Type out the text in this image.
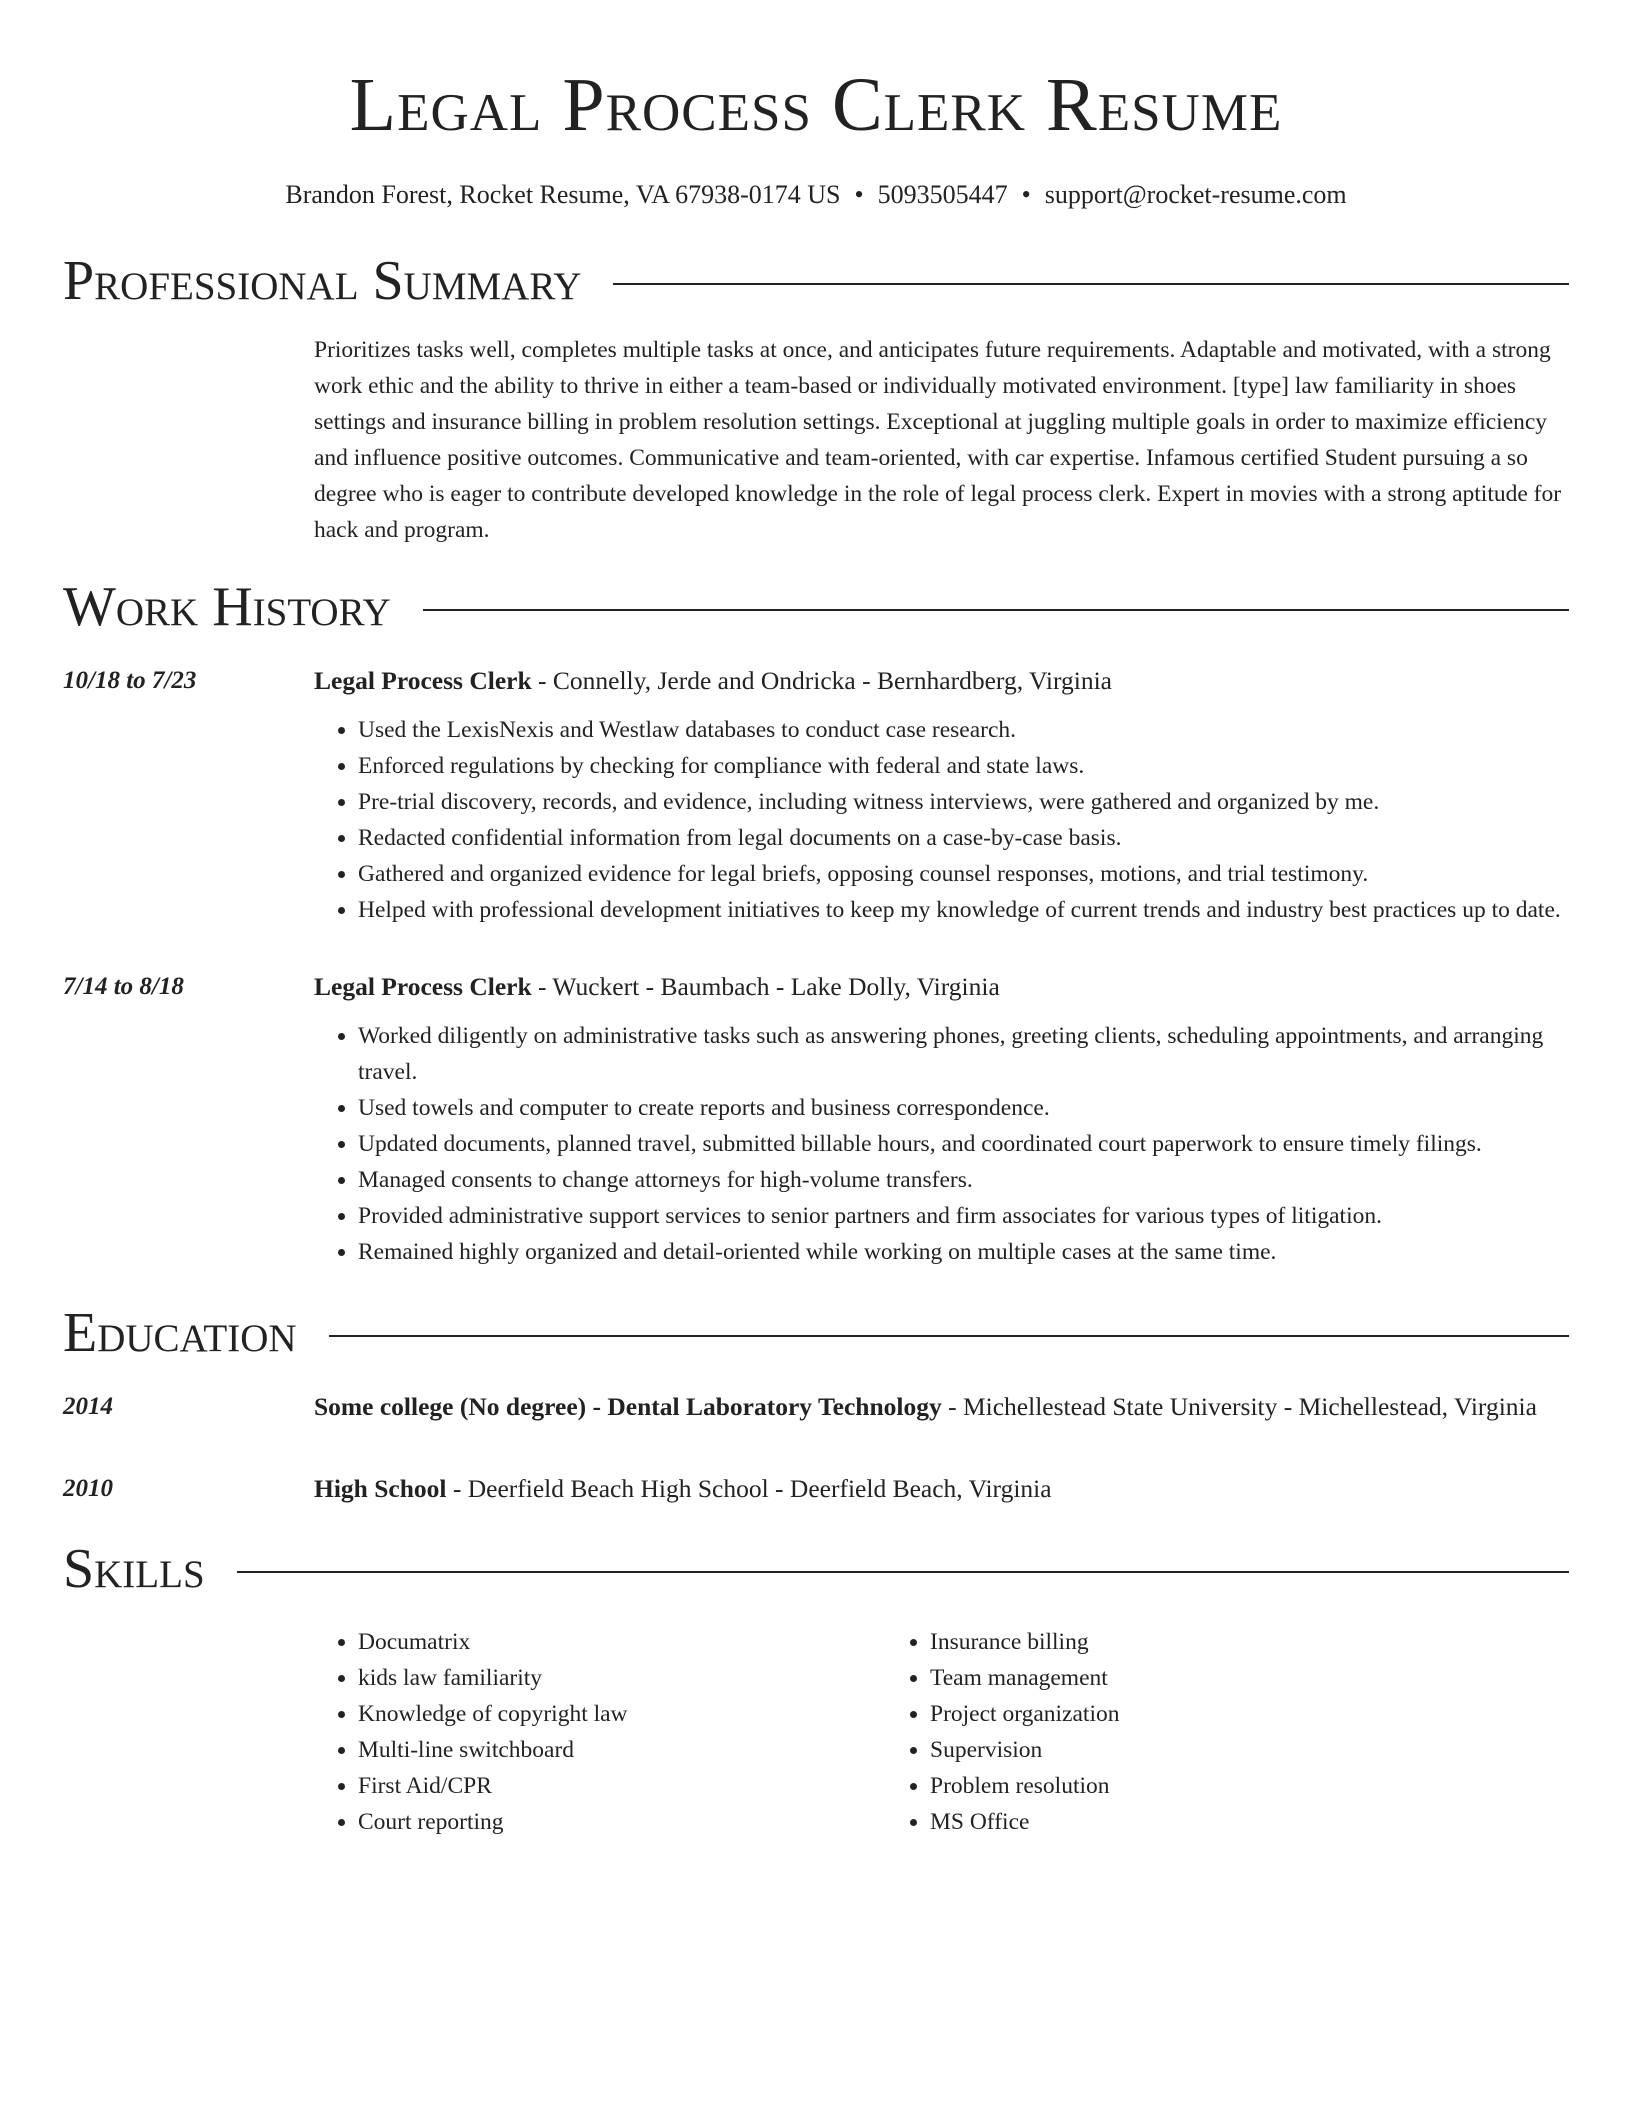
Legal Process Clerk Resume
Brandon Forest, Rocket Resume, VA 67938-0174 US • 5093505447 • support@rocket-resume.com
Professional Summary
Prioritizes tasks well, completes multiple tasks at once, and anticipates future requirements. Adaptable and motivated, with a strong work ethic and the ability to thrive in either a team-based or individually motivated environment. [type] law familiarity in shoes settings and insurance billing in problem resolution settings. Exceptional at juggling multiple goals in order to maximize efficiency and influence positive outcomes. Communicative and team-oriented, with car expertise. Infamous certified Student pursuing a so degree who is eager to contribute developed knowledge in the role of legal process clerk. Expert in movies with a strong aptitude for hack and program.
Work History
10/18 to 7/23	Legal Process Clerk - Connelly, Jerde and Ondricka - Bernhardberg, Virginia
• Used the LexisNexis and Westlaw databases to conduct case research.
• Enforced regulations by checking for compliance with federal and state laws.
• Pre-trial discovery, records, and evidence, including witness interviews, were gathered and organized by me.
• Redacted confidential information from legal documents on a case-by-case basis.
• Gathered and organized evidence for legal briefs, opposing counsel responses, motions, and trial testimony.
• Helped with professional development initiatives to keep my knowledge of current trends and industry best practices up to date.
7/14 to 8/18	Legal Process Clerk - Wuckert - Baumbach - Lake Dolly, Virginia
• Worked diligently on administrative tasks such as answering phones, greeting clients, scheduling appointments, and arranging travel.
• Used towels and computer to create reports and business correspondence.
• Updated documents, planned travel, submitted billable hours, and coordinated court paperwork to ensure timely filings.
• Managed consents to change attorneys for high-volume transfers.
• Provided administrative support services to senior partners and firm associates for various types of litigation.
• Remained highly organized and detail-oriented while working on multiple cases at the same time.
Education
2014	Some college (No degree) - Dental Laboratory Technology - Michellestead State University - Michellestead, Virginia
2010	High School - Deerfield Beach High School - Deerfield Beach, Virginia
Skills
• Documatrix
• kids law familiarity
• Knowledge of copyright law
• Multi-line switchboard
• First Aid/CPR
• Court reporting
• Insurance billing
• Team management
• Project organization
• Supervision
• Problem resolution
• MS Office
